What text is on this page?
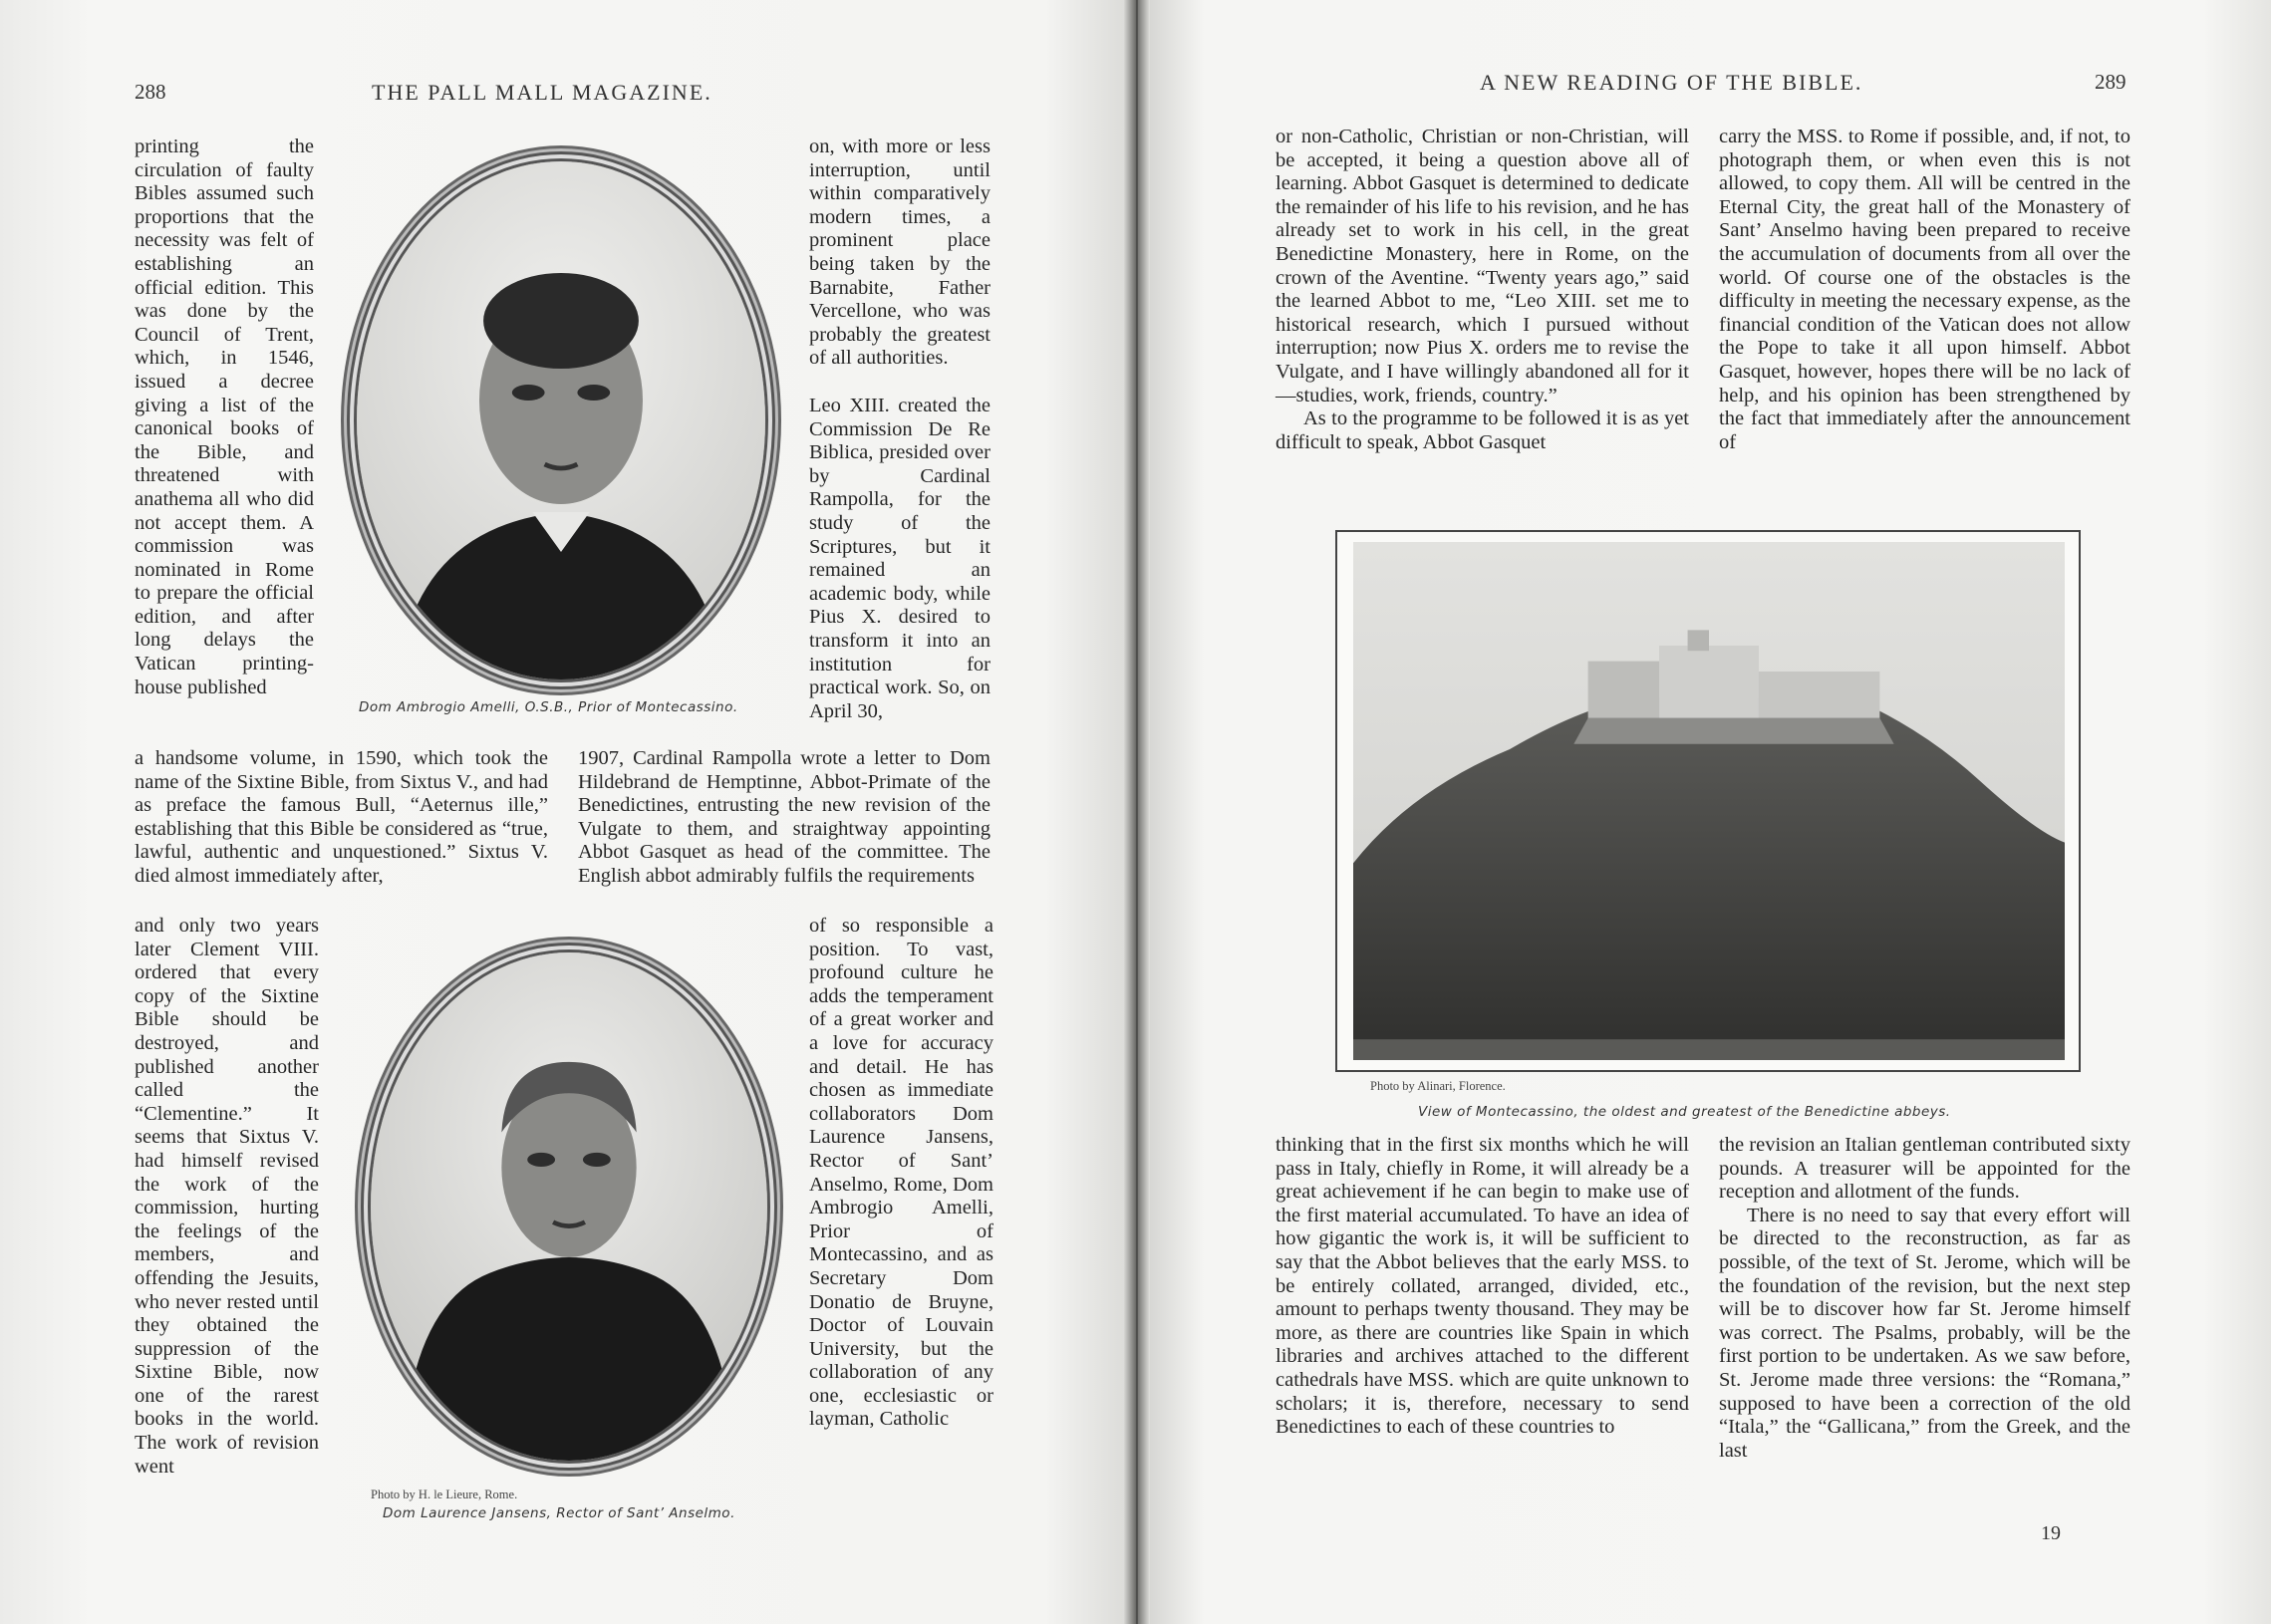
288	THE PALL MALL MAGAZINE.
printing the circulation of faulty Bibles assumed such proportions that the necessity was felt of establishing an official edition. This was done by the Council of Trent, which, in 1546, issued a decree giving a list of the canonical books of the Bible, and threatened with anathema all who did not accept them. A commission was nominated in Rome to prepare the official edition, and after long delays the Vatican printing-house published
Dom Ambrogio Amelli, O.S.B., Prior of Montecassino.
on, with more or less interruption, until within comparatively modern times, a prominent place being taken by the Barnabite, Father Vercellone, who was probably the greatest of all authorities.
Leo XIII. created the Commission De Re Biblica, presided over by Cardinal Rampolla, for the study of the Scriptures, but it remained an academic body, while Pius X. desired to transform it into an institution for practical work. So, on April 30,
a handsome volume, in 1590, which took the name of the Sixtine Bible, from Sixtus V., and had as preface the famous Bull, “Aeternus ille,” establishing that this Bible be considered as “true, lawful, authentic and unquestioned.” Sixtus V. died almost immediately after,
1907, Cardinal Rampolla wrote a letter to Dom Hildebrand de Hemptinne, Abbot-Primate of the Benedictines, entrusting the new revision of the Vulgate to them, and straightway appointing Abbot Gasquet as head of the committee. The English abbot admirably fulfils the requirements
and only two years later Clement VIII. ordered that every copy of the Sixtine Bible should be destroyed, and published another called the “Clementine.” It seems that Sixtus V. had himself revised the work of the commission, hurting the feelings of the members, and offending the Jesuits, who never rested until they obtained the suppression of the Sixtine Bible, now one of the rarest books in the world. The work of revision went
Photo by H. le Lieure, Rome.
Dom Laurence Jansens, Rector of Sant’ Anselmo.
of so responsible a position. To vast, profound culture he adds the temperament of a great worker and a love for accuracy and detail. He has chosen as immediate collaborators Dom Laurence Jansens, Rector of Sant’ Anselmo, Rome, Dom Ambrogio Amelli, Prior of Montecassino, and as Secretary Dom Donatio de Bruyne, Doctor of Louvain University, but the collaboration of any one, ecclesiastic or layman, Catholic
A NEW READING OF THE BIBLE.	289

or non-Catholic, Christian or non-Christian, will be accepted, it being a question above all of learning. Abbot Gasquet is determined to dedicate the remainder of his life to his revision, and he has already set to work in his cell, in the great Benedictine Monastery, here in Rome, on the crown of the Aventine. “Twenty years ago,” said the learned Abbot to me, “Leo XIII. set me to historical research, which I pursued without interruption; now Pius X. orders me to revise the Vulgate, and I have willingly abandoned all for it—studies, work, friends, country.”

As to the programme to be followed it is as yet difficult to speak, Abbot Gasquet

carry the MSS. to Rome if possible, and, if not, to photograph them, or when even this is not allowed, to copy them. All will be centred in the Eternal City, the great hall of the Monastery of Sant’ Anselmo having been prepared to receive the accumulation of documents from all over the world. Of course one of the obstacles is the difficulty in meeting the necessary expense, as the financial condition of the Vatican does not allow the Pope to take it all upon himself. Abbot Gasquet, however, hopes there will be no lack of help, and his opinion has been strengthened by the fact that immediately after the announcement of
Photo by Alinari, Florence.
View of Montecassino, the oldest and greatest of the Benedictine abbeys.
thinking that in the first six months which he will pass in Italy, chiefly in Rome, it will already be a great achievement if he can begin to make use of the first material accumulated. To have an idea of how gigantic the work is, it will be sufficient to say that the Abbot believes that the early MSS. to be entirely collated, arranged, divided, etc., amount to perhaps twenty thousand. They may be more, as there are countries like Spain in which libraries and archives attached to the different cathedrals have MSS. which are quite unknown to scholars; it is, therefore, necessary to send Benedictines to each of these countries to

the revision an Italian gentleman contributed sixty pounds. A treasurer will be appointed for the reception and allotment of the funds.

There is no need to say that every effort will be directed to the reconstruction, as far as possible, of the text of St. Jerome, which will be the foundation of the revision, but the next step will be to discover how far St. Jerome himself was correct. The Psalms, probably, will be the first portion to be undertaken. As we saw before, St. Jerome made three versions: the “Romana,” supposed to have been a correction of the old “Itala,” the “Gallicana,” from the Greek, and the last

19
